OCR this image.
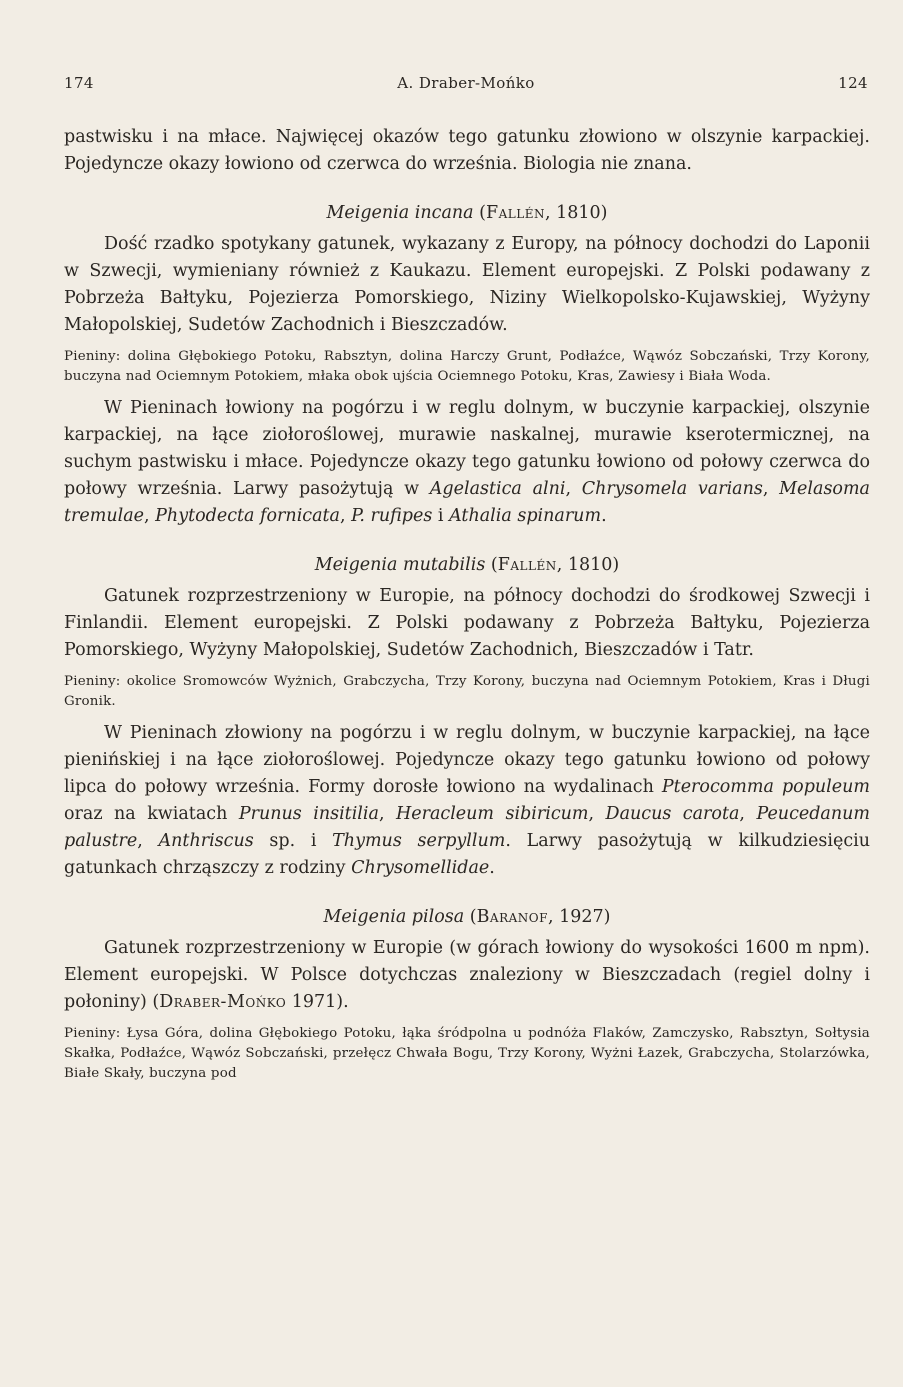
174	A. Draber-Mońko	124

pastwisku i na młace. Najwięcej okazów tego gatunku złowiono w olszynie karpackiej. Pojedyncze okazy łowiono od czerwca do września. Biologia nie znana.

Meigenia incana (Fallén, 1810)

Dość rzadko spotykany gatunek, wykazany z Europy, na północy dochodzi do Laponii w Szwecji, wymieniany również z Kaukazu. Element europejski. Z Polski podawany z Pobrzeża Bałtyku, Pojezierza Pomorskiego, Niziny Wielkopolsko-Kujawskiej, Wyżyny Małopolskiej, Sudetów Zachodnich i Bieszczadów.

Pieniny: dolina Głębokiego Potoku, Rabsztyn, dolina Harczy Grunt, Podłaźce, Wąwóz Sobczański, Trzy Korony, buczyna nad Ociemnym Potokiem, młaka obok ujścia Ociemnego Potoku, Kras, Zawiesy i Biała Woda.

W Pieninach łowiony na pogórzu i w reglu dolnym, w buczynie karpackiej, olszynie karpackiej, na łące ziołoroślowej, murawie naskalnej, murawie kserotermicznej, na suchym pastwisku i młace. Pojedyncze okazy tego gatunku łowiono od połowy czerwca do połowy września. Larwy pasożytują w Agelastica alni, Chrysomela varians, Melasoma tremulae, Phytodecta fornicata, P. rufipes i Athalia spinarum.

Meigenia mutabilis (Fallén, 1810)

Gatunek rozprzestrzeniony w Europie, na północy dochodzi do środkowej Szwecji i Finlandii. Element europejski. Z Polski podawany z Pobrzeża Bałtyku, Pojezierza Pomorskiego, Wyżyny Małopolskiej, Sudetów Zachodnich, Bieszczadów i Tatr.

Pieniny: okolice Sromowców Wyżnich, Grabczycha, Trzy Korony, buczyna nad Ociemnym Potokiem, Kras i Długi Gronik.

W Pieninach złowiony na pogórzu i w reglu dolnym, w buczynie karpackiej, na łące pienińskiej i na łące ziołoroślowej. Pojedyncze okazy tego gatunku łowiono od połowy lipca do połowy września. Formy dorosłe łowiono na wydalinach Pterocomma populeum oraz na kwiatach Prunus insitilia, Heracleum sibiricum, Daucus carota, Peucedanum palustre, Anthriscus sp. i Thymus serpyllum. Larwy pasożytują w kilkudziesięciu gatunkach chrząszczy z rodziny Chrysomellidae.

Meigenia pilosa (Baranof, 1927)

Gatunek rozprzestrzeniony w Europie (w górach łowiony do wysokości 1600 m npm). Element europejski. W Polsce dotychczas znaleziony w Bieszczadach (regiel dolny i połoniny) (Draber-Mońko 1971).

Pieniny: Łysa Góra, dolina Głębokiego Potoku, łąka śródpolna u podnóża Flaków, Zamczysko, Rabsztyn, Sołtysia Skałka, Podłaźce, Wąwóz Sobczański, przełęcz Chwała Bogu, Trzy Korony, Wyżni Łazek, Grabczycha, Stolarzówka, Białe Skały, buczyna pod
